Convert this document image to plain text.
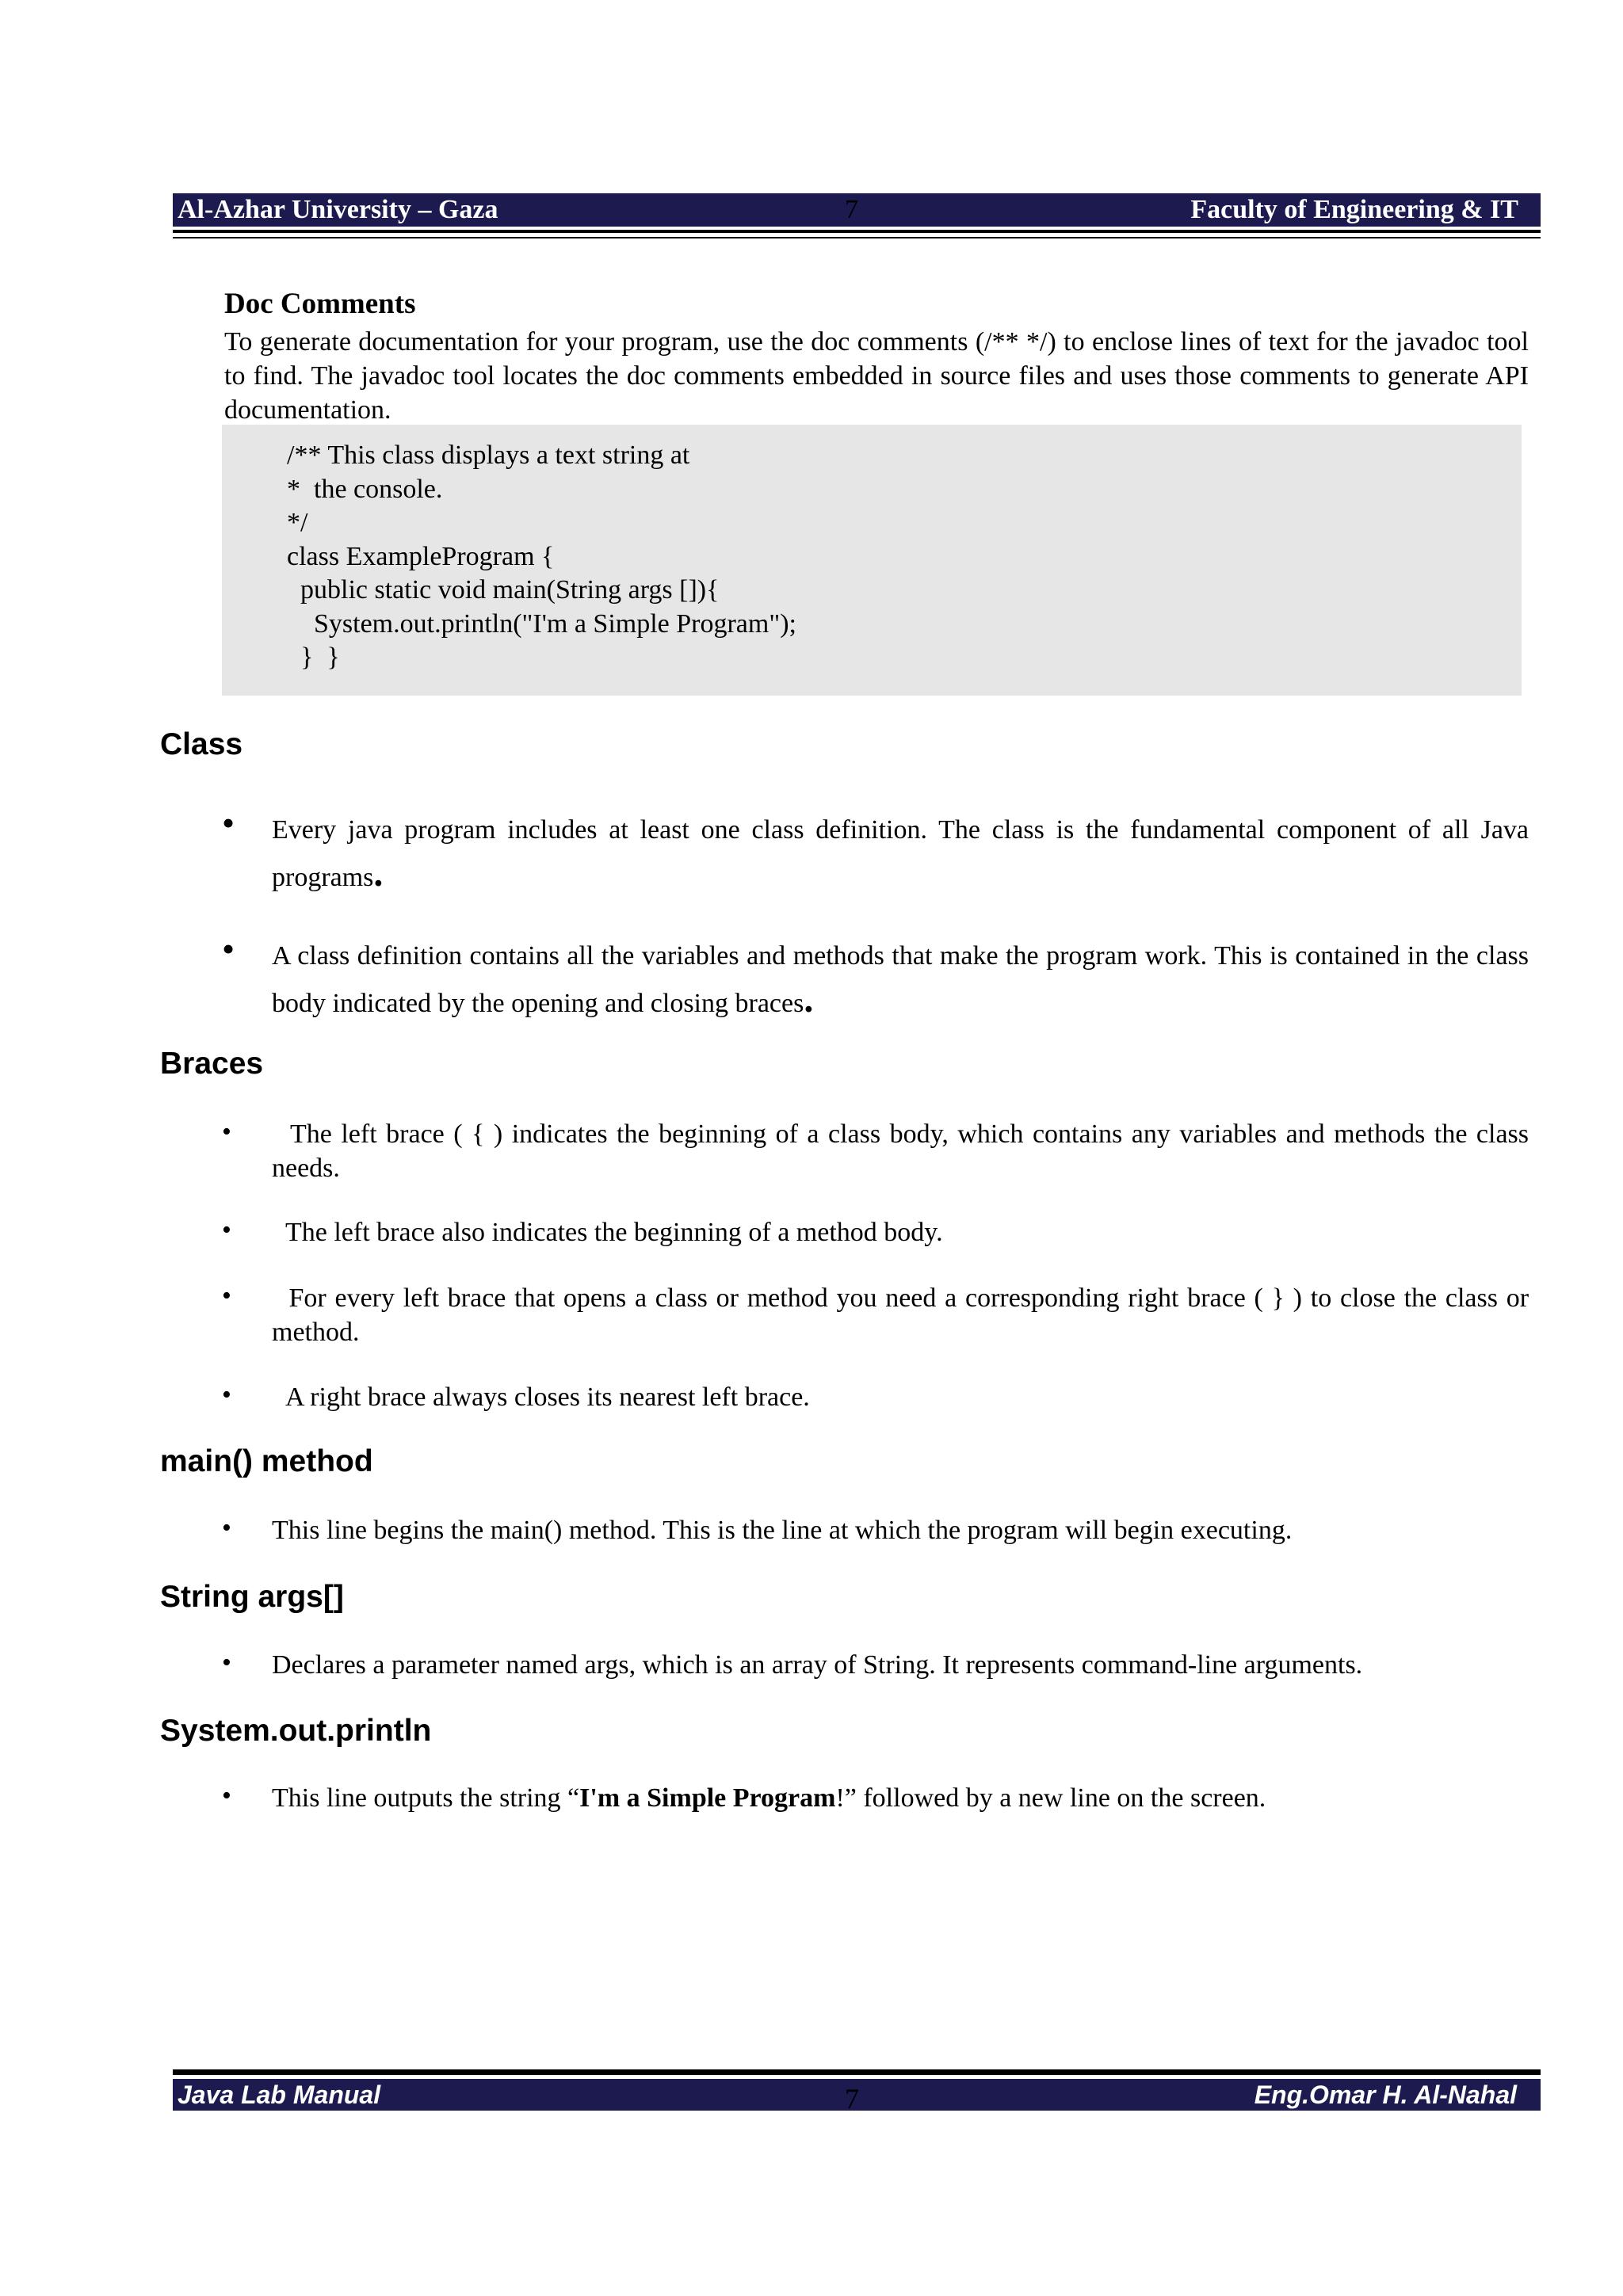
Al-Azhar University – Gaza	7	Faculty of Engineering & IT
Doc Comments
To generate documentation for your program, use the doc comments (/** */) to enclose lines of text for the javadoc tool to find. The javadoc tool locates the doc comments embedded in source files and uses those comments to generate API documentation.
/** This class displays a text string at
*  the console.
*/
class ExampleProgram {
public static void main(String args []){
System.out.println("I'm a Simple Program");
}  }
Class
• Every java program includes at least one class definition. The class is the fundamental component of all Java programs.
• A class definition contains all the variables and methods that make the program work. This is contained in the class body indicated by the opening and closing braces.
Braces
• The left brace ( { ) indicates the beginning of a class body, which contains any variables and methods the class needs.
• The left brace also indicates the beginning of a method body.
• For every left brace that opens a class or method you need a corresponding right brace ( } ) to close the class or method.
• A right brace always closes its nearest left brace.
main() method
• This line begins the main() method. This is the line at which the program will begin executing.
String args[]
• Declares a parameter named args, which is an array of String. It represents command-line arguments.
System.out.println
• This line outputs the string “I'm a Simple Program!” followed by a new line on the screen.
Java Lab Manual	7	Eng.Omar H. Al-Nahal
